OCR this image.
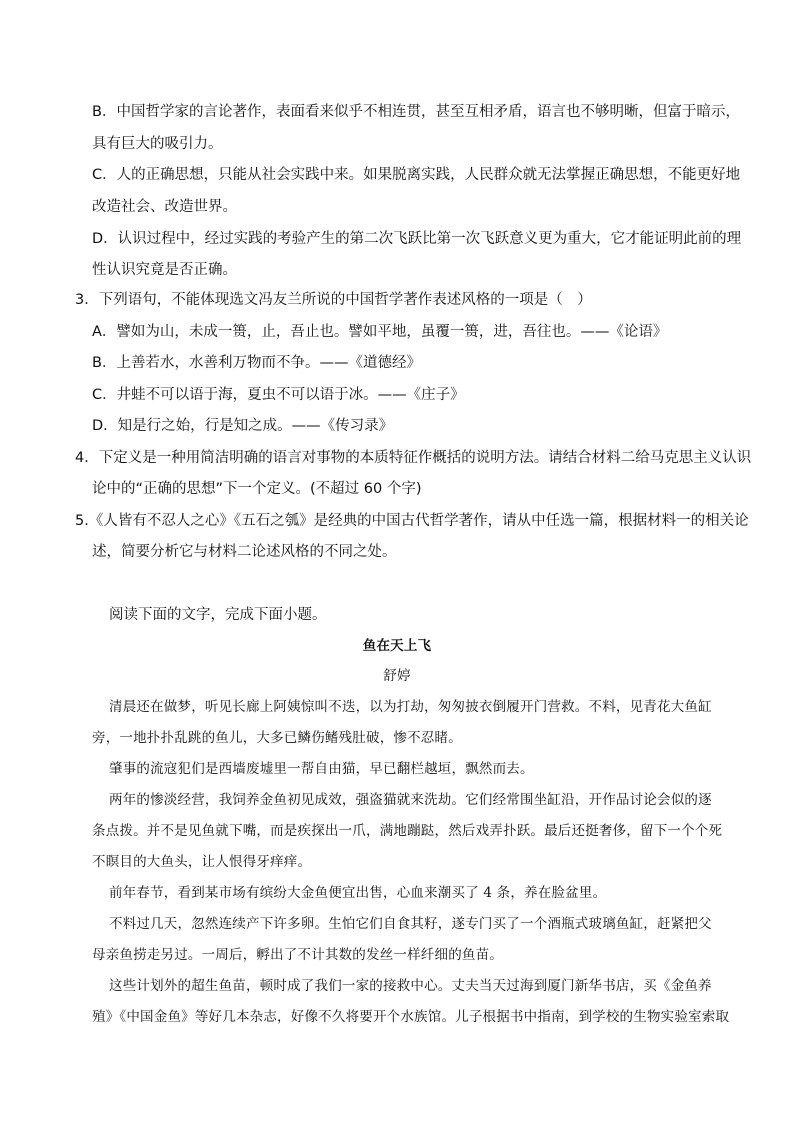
B．中国哲学家的言论著作，表面看来似乎不相连贯，甚至互相矛盾，语言也不够明晰，但富于暗示，
具有巨大的吸引力。
C．人的正确思想，只能从社会实践中来。如果脱离实践，人民群众就无法掌握正确思想，不能更好地
改造社会、改造世界。
D．认识过程中，经过实践的考验产生的第二次飞跃比第一次飞跃意义更为重大，它才能证明此前的理
性认识究竟是否正确。
3．下列语句，不能体现选文冯友兰所说的中国哲学著作表述风格的一项是（　）
A．譬如为山，未成一篑，止，吾止也。譬如平地，虽覆一篑，进，吾往也。——《论语》
B．上善若水，水善利万物而不争。——《道德经》
C．井蛙不可以语于海，夏虫不可以语于冰。——《庄子》
D．知是行之始，行是知之成。——《传习录》
4．下定义是一种用简洁明确的语言对事物的本质特征作概括的说明方法。请结合材料二给马克思主义认识
论中的“正确的思想”下一个定义。(不超过 60 个字)
5.《人皆有不忍人之心》《五石之瓠》是经典的中国古代哲学著作，请从中任选一篇，根据材料一的相关论
述，简要分析它与材料二论述风格的不同之处。
阅读下面的文字，完成下面小题。
鱼在天上飞
舒婷
清晨还在做梦，听见长廊上阿姨惊叫不迭，以为打劫，匆匆披衣倒履开门营救。不料，见青花大鱼缸
旁，一地扑扑乱跳的鱼儿，大多已鳞伤鳍残肚破，惨不忍睹。
肇事的流寇犯们是西墙废墟里一帮自由猫，早已翻栏越垣，飘然而去。
两年的惨淡经营，我饲养金鱼初见成效，强盗猫就来洗劫。它们经常围坐缸沿，开作品讨论会似的逐
条点拨。并不是见鱼就下嘴，而是疾探出一爪，满地蹦跶，然后戏弄扑跃。最后还挺奢侈，留下一个个死
不瞑目的大鱼头，让人恨得牙痒痒。
前年春节，看到某市场有缤纷大金鱼便宜出售，心血来潮买了 4 条，养在脸盆里。
不料过几天，忽然连续产下许多卵。生怕它们自食其籽，遂专门买了一个酒瓶式玻璃鱼缸，赶紧把父
母亲鱼捞走另过。一周后，孵出了不计其数的发丝一样纤细的鱼苗。
这些计划外的超生鱼苗，顿时成了我们一家的接救中心。丈夫当天过海到厦门新华书店，买《金鱼养
殖》《中国金鱼》等好几本杂志，好像不久将要开个水族馆。儿子根据书中指南，到学校的生物实验室索取
